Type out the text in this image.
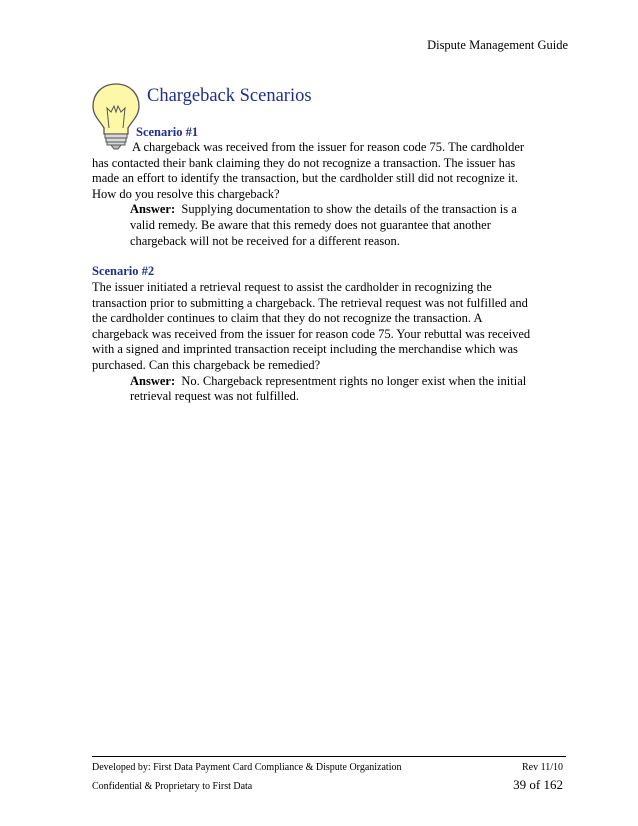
Dispute Management Guide
Chargeback Scenarios
Scenario #1
A chargeback was received from the issuer for reason code 75. The cardholder
has contacted their bank claiming they do not recognize a transaction. The issuer has
made an effort to identify the transaction, but the cardholder still did not recognize it.
How do you resolve this chargeback?
Answer: Supplying documentation to show the details of the transaction is a
valid remedy. Be aware that this remedy does not guarantee that another
chargeback will not be received for a different reason.
Scenario #2
The issuer initiated a retrieval request to assist the cardholder in recognizing the
transaction prior to submitting a chargeback. The retrieval request was not fulfilled and
the cardholder continues to claim that they do not recognize the transaction. A
chargeback was received from the issuer for reason code 75. Your rebuttal was received
with a signed and imprinted transaction receipt including the merchandise which was
purchased. Can this chargeback be remedied?
Answer: No. Chargeback representment rights no longer exist when the initial
retrieval request was not fulfilled.
Developed by: First Data Payment Card Compliance & Dispute Organization	Rev 11/10
Confidential & Proprietary to First Data	39 of 162
